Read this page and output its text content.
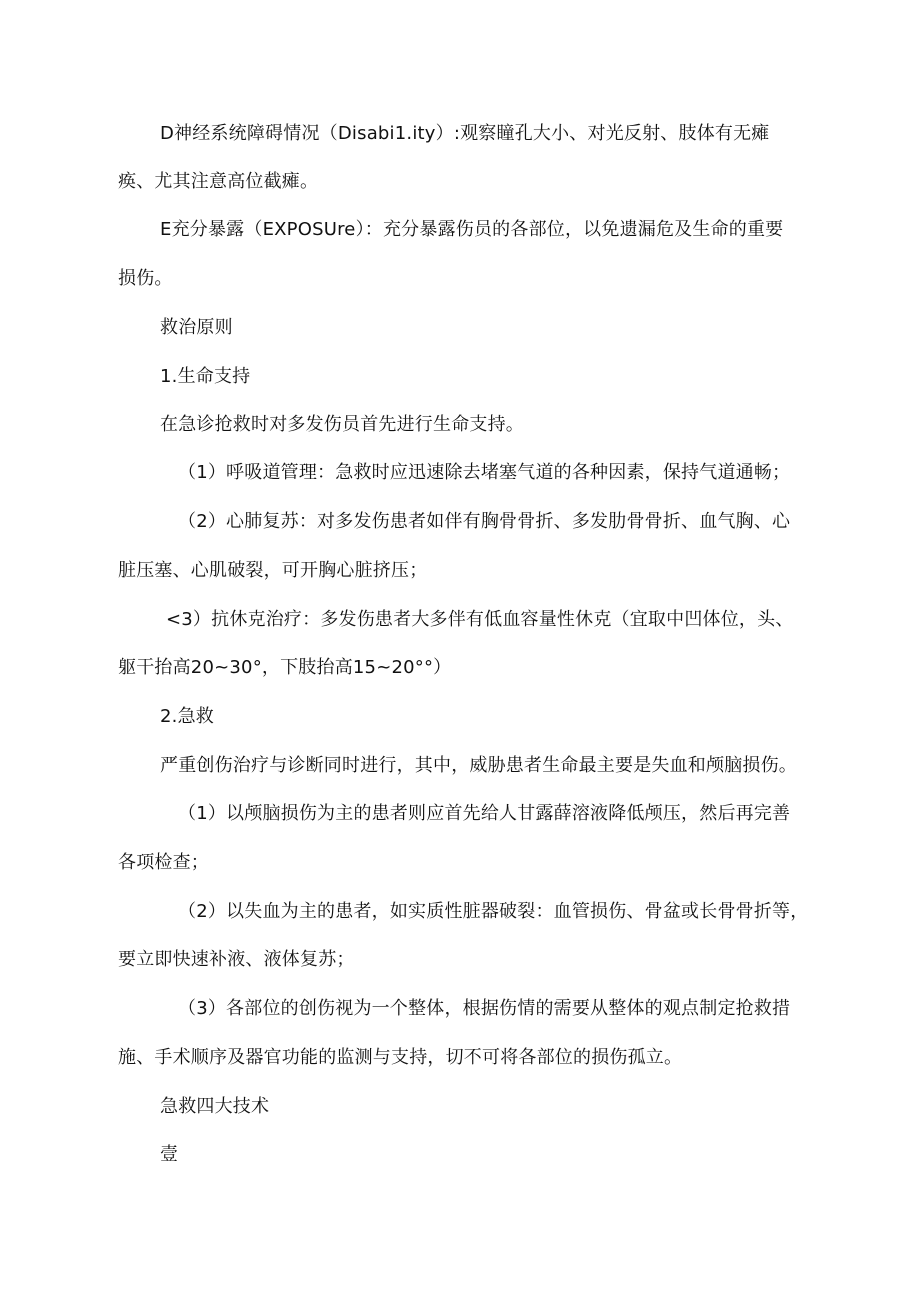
D神经系统障碍情况（Disabi1.ity）:观察瞳孔大小、对光反射、肢体有无瘫
痪、尤其注意高位截瘫。
E充分暴露（EXPOSUre）：充分暴露伤员的各部位，以免遗漏危及生命的重要
损伤。
救治原则
1.生命支持
在急诊抢救时对多发伤员首先进行生命支持。
（1）呼吸道管理：急救时应迅速除去堵塞气道的各种因素，保持气道通畅；
（2）心肺复苏：对多发伤患者如伴有胸骨骨折、多发肋骨骨折、血气胸、心
脏压塞、心肌破裂，可开胸心脏挤压；
<3）抗休克治疗：多发伤患者大多伴有低血容量性休克（宜取中凹体位，头、
躯干抬高20~30°，下肢抬高15~20°°）
2.急救
严重创伤治疗与诊断同时进行，其中，威胁患者生命最主要是失血和颅脑损伤。
（1）以颅脑损伤为主的患者则应首先给人甘露薛溶液降低颅压，然后再完善
各项检查；
（2）以失血为主的患者，如实质性脏器破裂：血管损伤、骨盆或长骨骨折等，
要立即快速补液、液体复苏；
（3）各部位的创伤视为一个整体，根据伤情的需要从整体的观点制定抢救措
施、手术顺序及器官功能的监测与支持，切不可将各部位的损伤孤立。
急救四大技术
壹
